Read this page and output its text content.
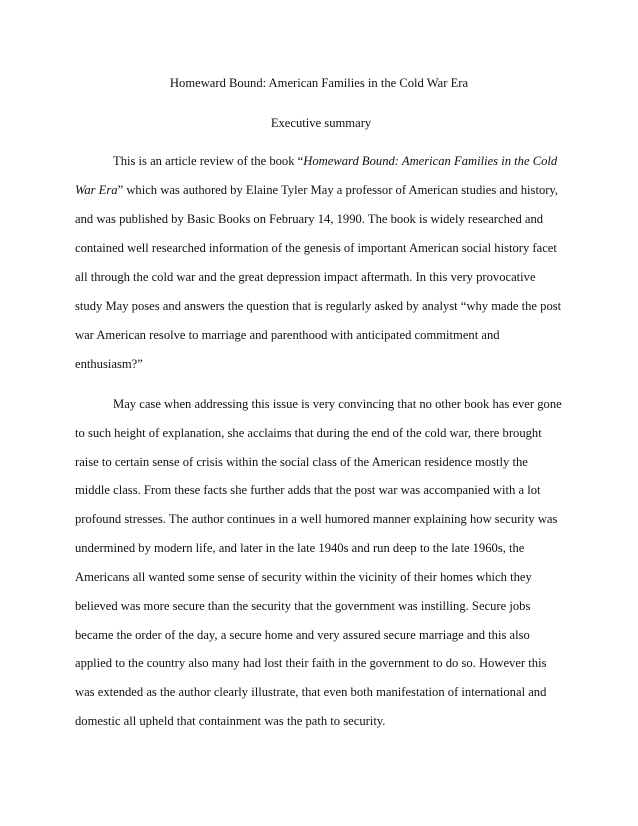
Homeward Bound: American Families in the Cold War Era
Executive summary
This is an article review of the book “Homeward Bound: American Families in the Cold
War Era” which was authored by Elaine Tyler May a professor of American studies and history,
and was published by Basic Books on February 14, 1990. The book is widely researched and
contained well researched information of the genesis of important American social history facet
all through the cold war and the great depression impact aftermath. In this very provocative
study May poses and answers the question that is regularly asked by analyst “why made the post
war American resolve to marriage and parenthood with anticipated commitment and
enthusiasm?”
May case when addressing this issue is very convincing that no other book has ever gone
to such height of explanation, she acclaims that during the end of the cold war, there brought
raise to certain sense of crisis within the social class of the American residence mostly the
middle class. From these facts she further adds that the post war was accompanied with a lot
profound stresses. The author continues in a well humored manner explaining how security was
undermined by modern life, and later in the late 1940s and run deep to the late 1960s, the
Americans all wanted some sense of security within the vicinity of their homes which they
believed was more secure than the security that the government was instilling. Secure jobs
became the order of the day, a secure home and very assured secure marriage and this also
applied to the country also many had lost their faith in the government to do so. However this
was extended as the author clearly illustrate, that even both manifestation of international and
domestic all upheld that containment was the path to security.
